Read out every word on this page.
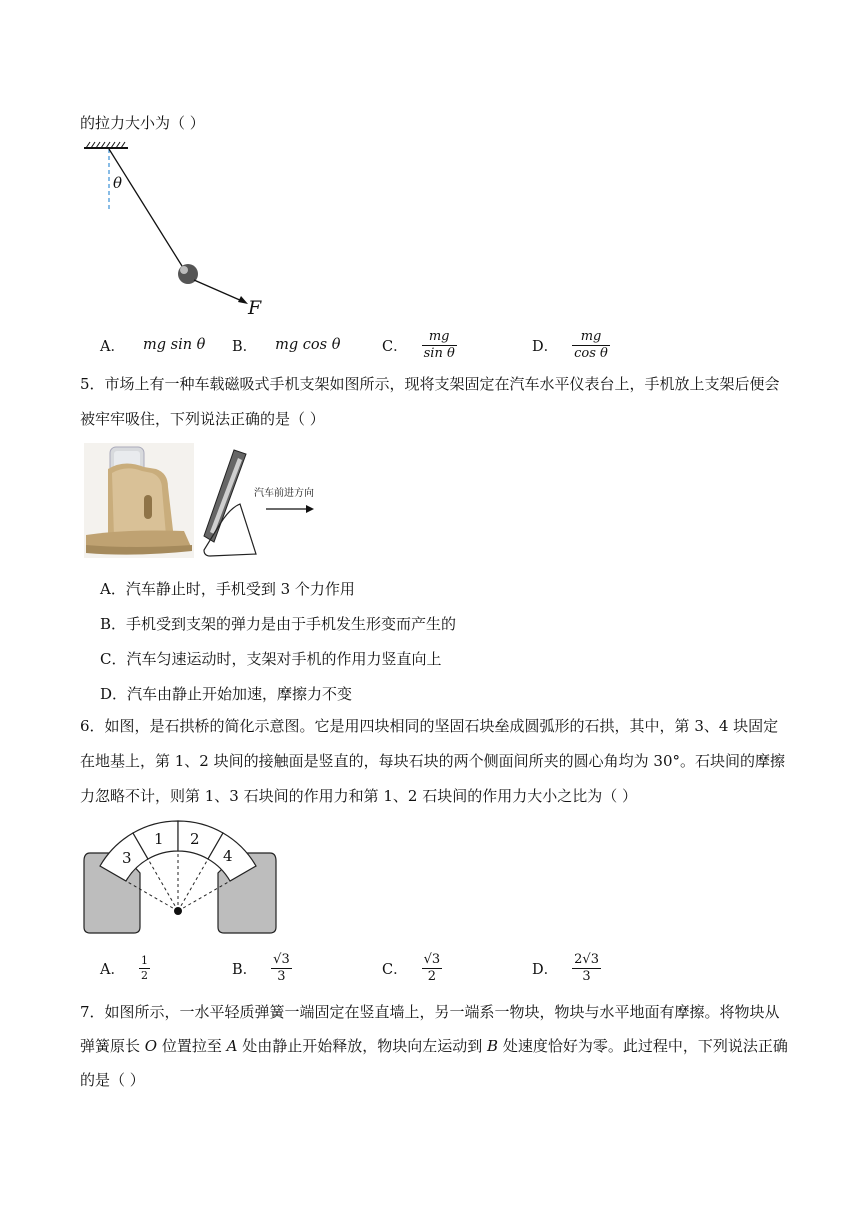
的拉力大小为（ ）
θ
F
A． mg sin θ B． mg cos θ	C． $\frac{mg}{\text{sin θ}}$	D． $\frac{mg}{\text{cos θ}}$
5．市场上有一种车载磁吸式手机支架如图所示，现将支架固定在汽车水平仪表台上，手机放上支架后便会
被牢牢吸住，下列说法正确的是（ ）
汽车前进方向
A．汽车静止时，手机受到 3 个力作用
B．手机受到支架的弹力是由于手机发生形变而产生的
C．汽车匀速运动时，支架对手机的作用力竖直向上
D．汽车由静止开始加速，摩擦力不变
6．如图，是石拱桥的简化示意图。它是用四块相同的坚固石块垒成圆弧形的石拱，其中，第 3、4 块固定
在地基上，第 1、2 块间的接触面是竖直的，每块石块的两个侧面间所夹的圆心角均为 30°。石块间的摩擦
力忽略不计，则第 1、3 石块间的作用力和第 1、2 石块间的作用力大小之比为（ ）
3
1 2
4
A． $\frac{1}{2}$	B． $\frac{√3}{3}$	C． $\frac{√3}{2}$	D． $\frac{2√3}{3}$
7．如图所示，一水平轻质弹簧一端固定在竖直墙上，另一端系一物块，物块与水平地面有摩擦。将物块从
弹簧原长 O 位置拉至 A 处由静止开始释放，物块向左运动到 B 处速度恰好为零。此过程中，下列说法正确
的是（ ）
